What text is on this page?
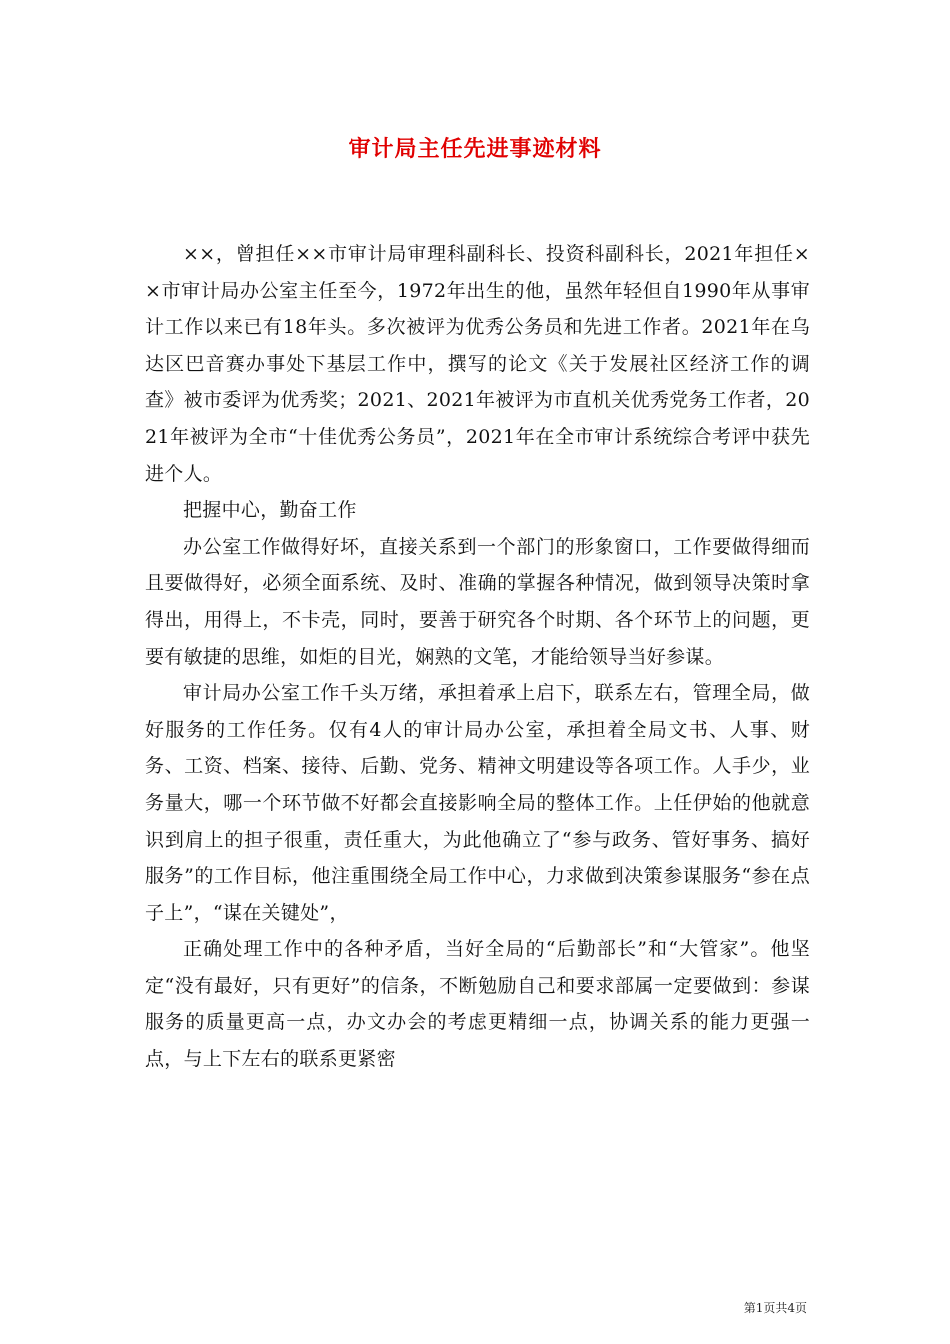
审计局主任先进事迹材料

××，曾担任××市审计局审理科副科长、投资科副科长，2021年担任××市审计局办公室主任至今，1972年出生的他，虽然年轻但自1990年从事审计工作以来已有18年头。多次被评为优秀公务员和先进工作者。2021年在乌达区巴音赛办事处下基层工作中，撰写的论文《关于发展社区经济工作的调查》被市委评为优秀奖；2021、2021年被评为市直机关优秀党务工作者，2021年被评为全市“十佳优秀公务员”，2021年在全市审计系统综合考评中获先进个人。

把握中心，勤奋工作

办公室工作做得好坏，直接关系到一个部门的形象窗口，工作要做得细而且要做得好，必须全面系统、及时、准确的掌握各种情况，做到领导决策时拿得出，用得上，不卡壳，同时，要善于研究各个时期、各个环节上的问题，更要有敏捷的思维，如炬的目光，娴熟的文笔，才能给领导当好参谋。

审计局办公室工作千头万绪，承担着承上启下，联系左右，管理全局，做好服务的工作任务。仅有4人的审计局办公室，承担着全局文书、人事、财务、工资、档案、接待、后勤、党务、精神文明建设等各项工作。人手少，业务量大，哪一个环节做不好都会直接影响全局的整体工作。上任伊始的他就意识到肩上的担子很重，责任重大，为此他确立了“参与政务、管好事务、搞好服务”的工作目标，他注重围绕全局工作中心，力求做到决策参谋服务“参在点子上”，“谋在关键处”，

正确处理工作中的各种矛盾，当好全局的“后勤部长”和“大管家”。他坚定“没有最好，只有更好”的信条，不断勉励自己和要求部属一定要做到：参谋服务的质量更高一点，办文办会的考虑更精细一点，协调关系的能力更强一点，与上下左右的联系更紧密

第1页共4页
